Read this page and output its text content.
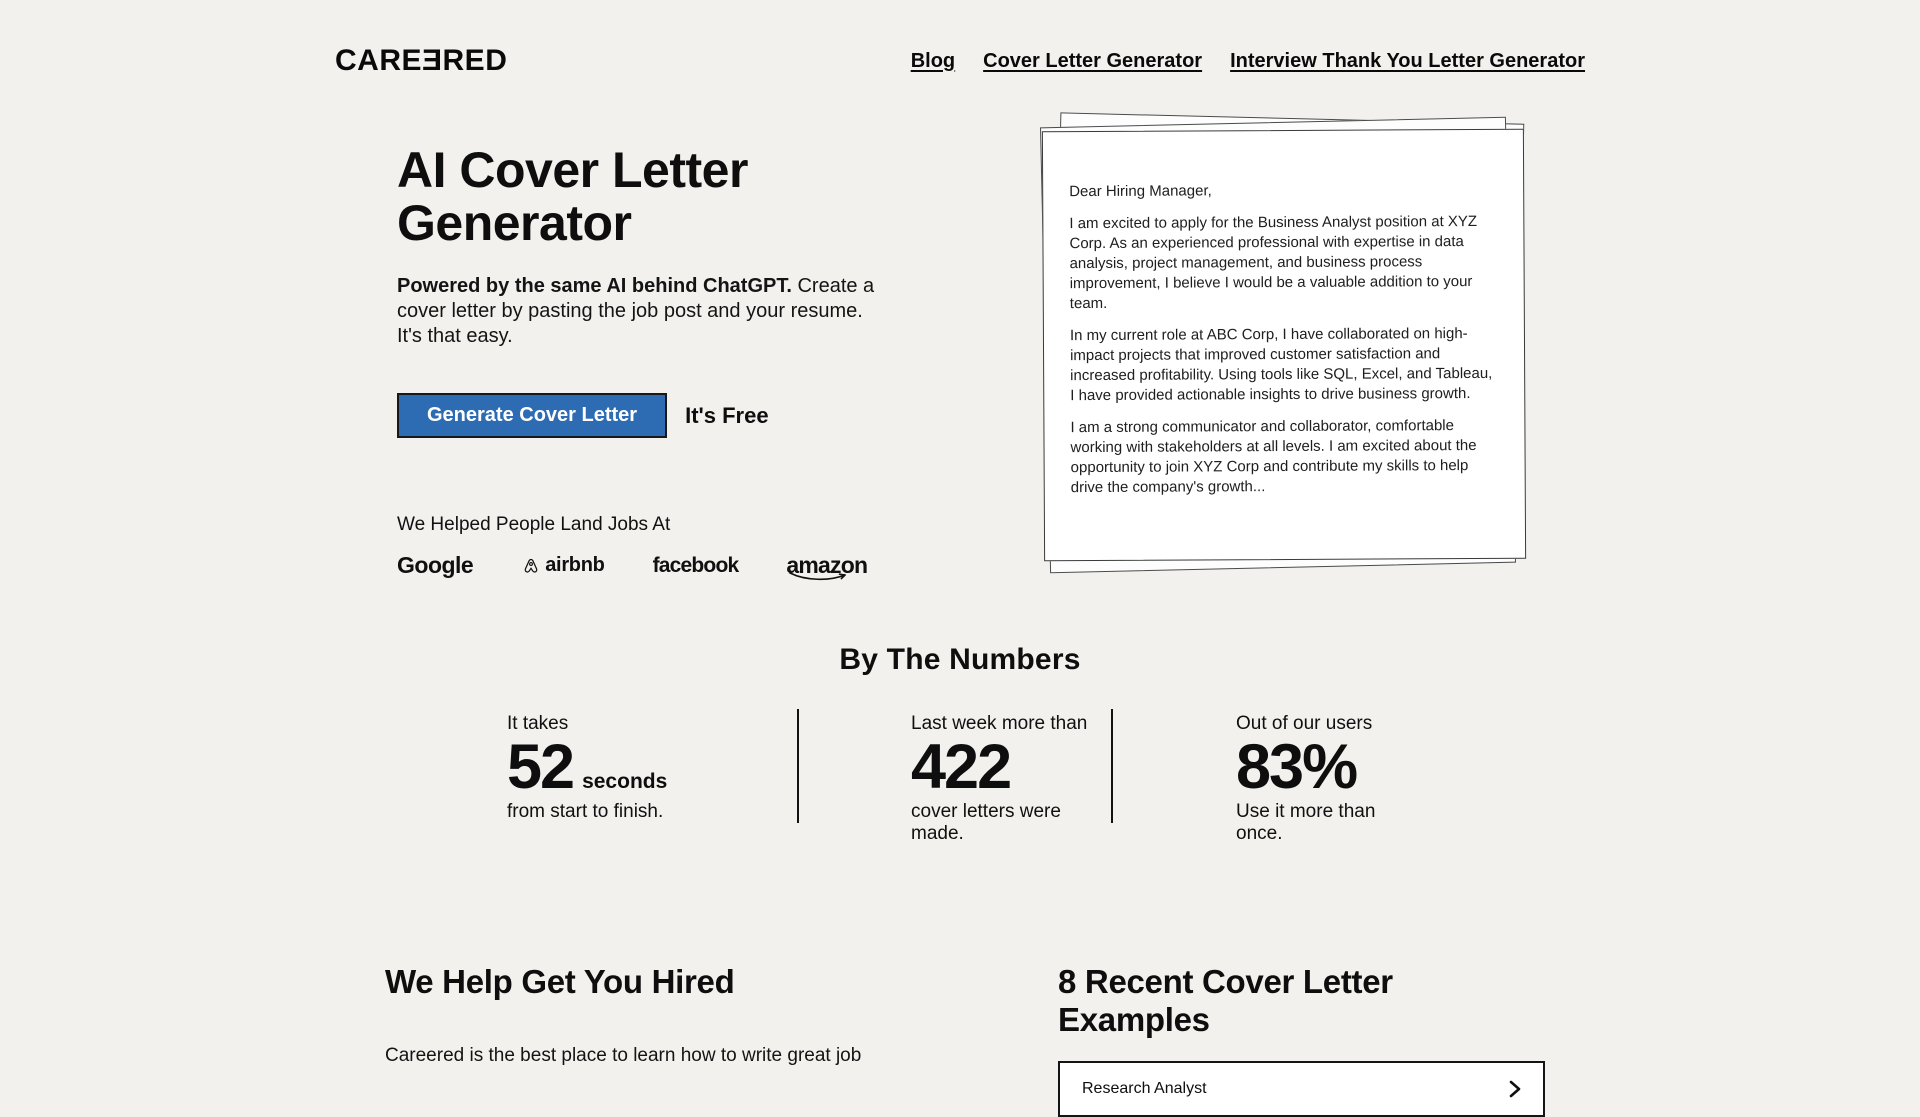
CAREƎRED	Blog Cover Letter Generator Interview Thank You Letter Generator
AI Cover Letter
Generator
Powered by the same AI behind ChatGPT. Create a cover letter by pasting the job post and your resume. It's that easy.
Generate Cover Letter	It's Free
We Helped People Land Jobs At
Google	airbnb facebook amazon

Dear Hiring Manager,

I am excited to apply for the Business Analyst position at XYZ Corp. As an experienced professional with expertise in data analysis, project management, and business process improvement, I believe I would be a valuable addition to your team.

In my current role at ABC Corp, I have collaborated on high-impact projects that improved customer satisfaction and increased profitability. Using tools like SQL, Excel, and Tableau, I have provided actionable insights to drive business growth.

I am a strong communicator and collaborator, comfortable working with stakeholders at all levels. I am excited about the opportunity to join XYZ Corp and contribute my skills to help drive the company's growth...

By The Numbers
It takes
52 seconds
from start to finish.
Last week more than
422
cover letters were made.
Out of our users
83%
Use it more than once.
We Help Get You Hired

Careered is the best place to learn how to write great job

8 Recent Cover Letter Examples
Research Analyst
